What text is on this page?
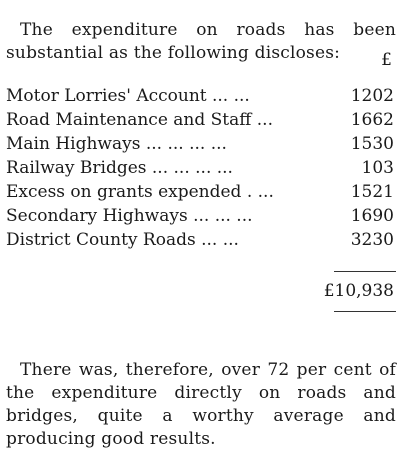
The expenditure on roads has been substantial as the following discloses:	£
Motor Lorries' Account ... ...	1202
Road Maintenance and Staff ...	1662
Main Highways ... ... ... ...	1530
Railway Bridges ... ... ... ...	103
Excess on grants expended . ...	1521
Secondary Highways ... ... ...	1690
District County Roads ... ...	3230
£10,938

There was, therefore, over 72 per cent of the expenditure directly on roads and bridges, quite a worthy average and producing good results.
